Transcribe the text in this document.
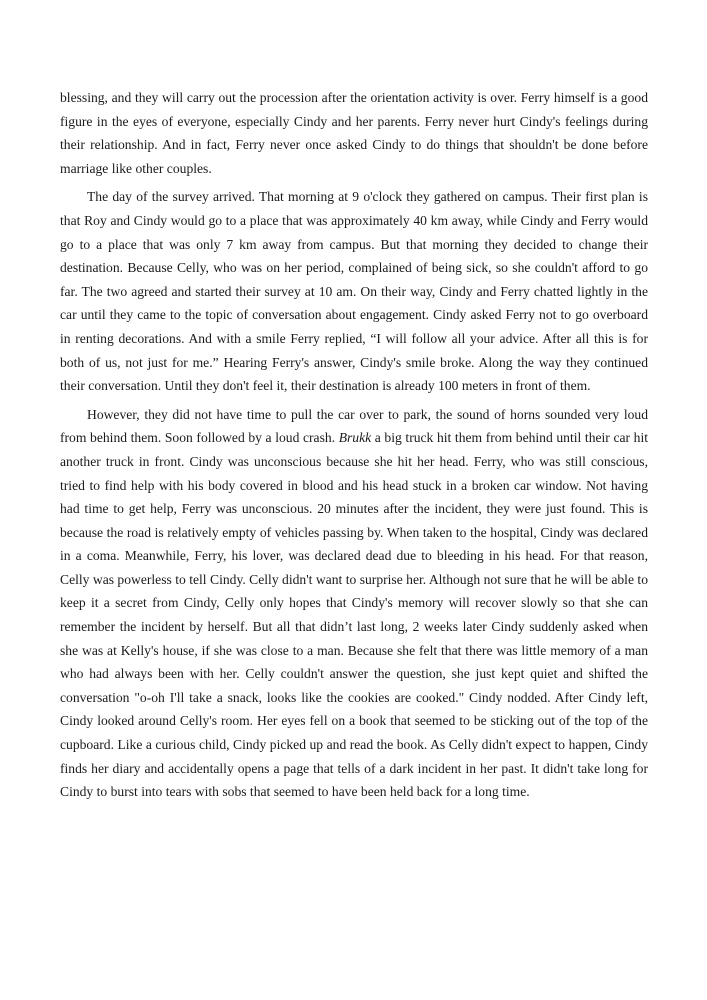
blessing, and they will carry out the procession after the orientation activity is over. Ferry himself is a good figure in the eyes of everyone, especially Cindy and her parents. Ferry never hurt Cindy's feelings during their relationship. And in fact, Ferry never once asked Cindy to do things that shouldn't be done before marriage like other couples.

The day of the survey arrived. That morning at 9 o'clock they gathered on campus. Their first plan is that Roy and Cindy would go to a place that was approximately 40 km away, while Cindy and Ferry would go to a place that was only 7 km away from campus. But that morning they decided to change their destination. Because Celly, who was on her period, complained of being sick, so she couldn't afford to go far. The two agreed and started their survey at 10 am. On their way, Cindy and Ferry chatted lightly in the car until they came to the topic of conversation about engagement. Cindy asked Ferry not to go overboard in renting decorations. And with a smile Ferry replied, “I will follow all your advice. After all this is for both of us, not just for me.” Hearing Ferry's answer, Cindy's smile broke. Along the way they continued their conversation. Until they don't feel it, their destination is already 100 meters in front of them.

However, they did not have time to pull the car over to park, the sound of horns sounded very loud from behind them. Soon followed by a loud crash. Brukk a big truck hit them from behind until their car hit another truck in front. Cindy was unconscious because she hit her head. Ferry, who was still conscious, tried to find help with his body covered in blood and his head stuck in a broken car window. Not having had time to get help, Ferry was unconscious. 20 minutes after the incident, they were just found. This is because the road is relatively empty of vehicles passing by. When taken to the hospital, Cindy was declared in a coma. Meanwhile, Ferry, his lover, was declared dead due to bleeding in his head. For that reason, Celly was powerless to tell Cindy. Celly didn't want to surprise her. Although not sure that he will be able to keep it a secret from Cindy, Celly only hopes that Cindy's memory will recover slowly so that she can remember the incident by herself. But all that didn’t last long, 2 weeks later Cindy suddenly asked when she was at Kelly's house, if she was close to a man. Because she felt that there was little memory of a man who had always been with her. Celly couldn't answer the question, she just kept quiet and shifted the conversation "o-oh I'll take a snack, looks like the cookies are cooked." Cindy nodded. After Cindy left, Cindy looked around Celly's room. Her eyes fell on a book that seemed to be sticking out of the top of the cupboard. Like a curious child, Cindy picked up and read the book. As Celly didn't expect to happen, Cindy finds her diary and accidentally opens a page that tells of a dark incident in her past. It didn't take long for Cindy to burst into tears with sobs that seemed to have been held back for a long time.
